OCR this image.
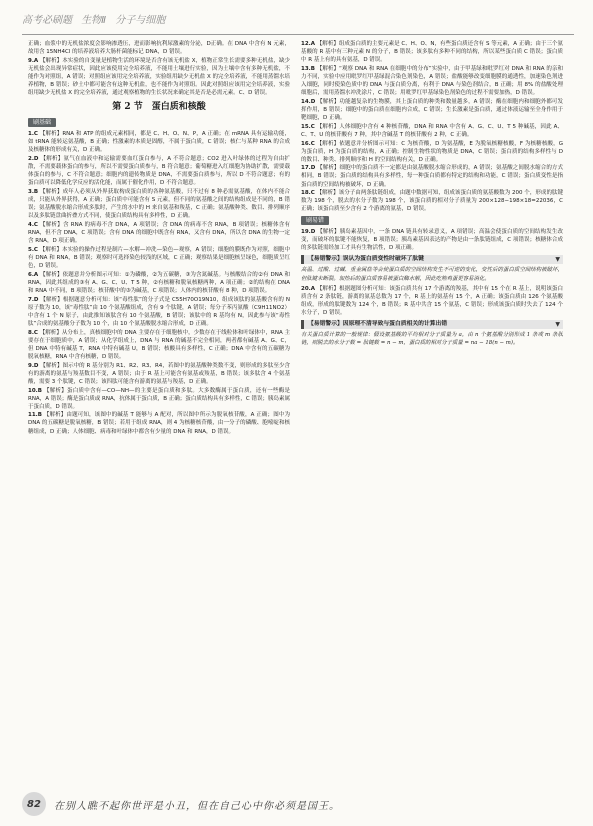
高考必刷题 生物Ⅱ 分子与细胞

正确；血浆中的无机盐浓度会影响渗透压，进而影响抗利尿激素的分泌，D正确。在 DNA 中含有 N 元素，故用含 15NH4Cl 的培养液培养大肠杆菌能标记 DNA，D 错误。

9.A 【解析】本实验的自变量是植物生活的环境是否含有该无机盐 X，植物正常生长需要多种无机盐，缺少无机盐会出现异常症状，因此应该使用完全培养液，不能用土壤进行实验，因为土壤中含有多种无机盐，不能作为对照组，A 错误；对照组应该用完全培养液，实验组用缺少无机盐 X 的完全培养液，不能用蒸馏水培养植物，B 错误；砂土中都可能含有这种无机盐，也不能作为对照组。因此对照组应该用完全培养液，实验组用缺少无机盐 X 的完全培养液，通过观察植物的生长状况来确定其是否是必需元素。C、D 错误。

第 2 节　蛋白质和核酸
刷基础

1.C 【解析】RNA 和 ATP 的组成元素相同，都是 C、H、O、N、P，A 正确；在 mRNA 具有运输功能，如 tRNA 能转运氨基酸，B 正确；性激素的本质是固醇，不属于蛋白质，C 错误；核仁与某种 RNA 的合成及核糖体的形成有关，D 正确。

2.D 【解析】氨气在血液中和运输需要血红蛋白参与，A 不符合题意；CO2 进入叶绿体的过程为自由扩散，不需要载体蛋白的参与，所以不需要蛋白质参与，B 符合题意；葡萄糖进入红细胞为协助扩散，需要载体蛋白的参与，C 不符合题意；细胞内的遗传物质是 DNA，不需要蛋白质参与，所以 D 不符合题意；有的蛋白质可以降低化学反应的活化能，而属于催化作用，D 不符合题意。

3.B 【解析】成年人必须从外界获取构成蛋白质的各种氨基酸，只不过有 8 种必需氨基酸，在体内不能合成，只能从外界获得，A 正确；蛋白质中可能含有 S 元素，但不同的氨基酸之间的结构组成是不同的，B 错误；氨基酸脱水缩合形成多肽时，产生的水中的 H 来自氨基和羧基，C 正确；氨基酸种类、数目、排列顺序以及多肽链盘曲折叠方式不同，使蛋白质结构具有多样性，D 正确。

4.C 【解析】含 RNA 的病毒不含 DNA，A 项错误；含 DNA 的病毒不含 RNA，B 项错误；核糖体含有 RNA，但不含 DNA，C 项错误；含有 DNA 的细胞中既含有 RNA，又含有 DNA，所以含 DNA 的生物一定含 RNA，D 项正确。

5.C 【解析】本实验的操作过程是制片—水解—冲洗—染色—观察，A 错误；细胞的膜既作为对照，细胞中有 DNA 和 RNA，B 错误；观察时可选择染色较浅的区域，C 正确；观察结果是细胞核呈绿色，细胞质呈红色，D 错误。

6.A 【解析】依题意并分析图示可知：①为磷酸，②为五碳糖，③为含氮碱基。与核酸结合的②有 DNA 和 RNA，因此其组成的③有 A、G、C、U、T 5 种，②有核糖和脱氧核糖两种，A 项正确；②的结构在 DNA 和 RNA 中不同，B 项错误；核苷酸中的③为碱基，C 项错误；人体内的核苷酸有 8 种，D 项错误。

7.D 【解析】根据题意分析可知：该“毒性肽”的分子式是 C55H70O19N10，组成该肽的氨基酸含有的 N 原子数为 10，该“毒性肽”由 10 个氨基酸组成，含有 9 个肽键，A 错误；每分子苯丙氨酸（C9H11NO2）中含有 1 个 N 原子，由此推知该肽含有 10 个氨基酸，B 错误；该肽中的 R 基均有 N，因此参与该“毒性肽”合成的氨基酸分子数为 10 个，由 10 个氨基酸脱水缩合形成，D 正确。

8.C 【解析】从分布上，真核细胞中的 DNA 主要存在于细胞核中，少数存在于线粒体和叶绿体中，RNA 主要存在于细胞质中，A 错误；从化学组成上，DNA 与 RNA 的碱基不完全相同，两者都有碱基 A、G、C，但 DNA 中特有碱基 T，RNA 中特有碱基 U，B 错误；核酸具有多样性，C 正确；DNA 中含有的五碳糖为脱氧核糖，RNA 中含有核糖，D 错误。

9.D 【解析】图示中的 R 基分别为 R1、R2、R3、R4，若图中的氨基酸种类数不变，则形成的多肽至少含有的游离的氨基与羧基数目不变，A 错误；由于 R 基上可能含有氨基或羧基，B 错误；该多肽含 4 个氨基酸，需要 3 个肽键，C 错误；该四肽可能含有游离的氨基与羧基，D 正确。

10.B 【解析】蛋白质中含有—CO—NH—的主要是蛋白质和多肽。大多数酶属于蛋白质，还有一些酶是 RNA，A 错误；酶是蛋白质或 RNA，抗体属于蛋白质，B 正确；蛋白质结构具有多样性，C 错误；胰岛素属于蛋白质，D 错误。

11.B 【解析】由题可知，该图中的碱基 T 能够与 A 配对，所以图中所示为脱氧核苷酸，A 正确；图中为 DNA 的五碳糖是脱氧核糖，B 错误；若用于组成 RNA，则 4 为核糖核苷酸，由一分子的磷酸、胞嘧啶和核糖组成，D 正确；人体细胞、病毒和叶绿体中都含有少量的 DNA 和 RNA，D 错误。

12.A 【解析】组成蛋白质的主要元素是 C、H、O、N，有些蛋白质还含有 S 等元素，A 正确；由于三个氨基酸的 R 基中有三种元素 N 的分子，B 错误；该多肽有多种不同的结构，所以某些蛋白质 C 错误；蛋白质中 R 基上有的具有氨基，D 错误。

13.B 【解析】“观察 DNA 和 RNA 在细胞中的分布”实验中，由于甲基绿和吡罗红对 DNA 和 RNA 的亲和力不同，实验中应用吡罗红甲基绿混合染色剂染色，A 错误；盐酸能够改变细胞膜的通透性，加速染色剂进入细胞，同时使染色质中的 DNA 与蛋白质分离，有利于 DNA 与染色剂结合，B 正确；用 8% 的盐酸处理细胞后，需用蒸馏水冲洗涂片，C 错误；用吡罗红甲基绿染色剂染色的过程不需要加热，D 错误。

14.D 【解析】功能越复杂的生物膜，其上蛋白质的种类和数量越多，A 错误；酶在细胞内和细胞外都可发挥作用，B 错误；细胞中的蛋白质在细胞内合成，C 错误；生长激素是蛋白质，通过体液运输至全身作用于靶细胞，D 正确。

15.C 【解析】人体细胞中含有 4 种核苷酸，DNA 和 RNA 中含有 A、G、C、U、T 5 种碱基，因此 A、C、T、U 的核苷酸有 7 种，其中含碱基 T 的核苷酸有 2 种，C 正确。

16.C 【解析】依题意并分析图示可知：C 为核苷酸，D 为氨基酸，E 为脱氧核糖核酸，F 为核糖核酸，G 为蛋白质，H 为蛋白质的结构，A 正确；控制生物性状的物质是 DNA，C 错误；蛋白质的结构多样性与 D 的数目、种类、排列顺序和 H 的空间结构有关，D 正确。

17.D 【解析】细胞中的蛋白质不一定都是由氨基酸脱水缩合形成的，A 错误；氨基酸之间脱水缩合的方式相同，B 错误；蛋白质的结构具有多样性，每一种蛋白质都有特定的结构和功能，C 错误；蛋白质变性是指蛋白质的空间结构被破坏，D 正确。

18.C 【解析】该分子由两条肽链组成，由题中数据可知，组成该蛋白质的氨基酸数为 200 个，形成的肽键数为 198 个，脱去的水分子数为 198 个，该蛋白质的相对分子质量为 200×128−198×18=22036，C 正确；该蛋白质至少含有 2 个游离的氨基，D 错误。

刷易错

19.D 【解析】胰岛素基因中，一条 DNA 链具有转录意义，A 项错误；高温会使蛋白质的空间结构发生改变，而破坏的肽键不能恢复，B 项错误；胰岛素基因表达的产物是由一条肽链组成，C 项错误；核糖体合成的多肽链需经加工才具有生物活性，D 项正确。

【易错警示】误认为蛋白质变性时破坏了肽键	▼
高温、过酸、过碱、重金属盐等会使蛋白质的空间结构发生不可逆的变化，变性后的蛋白质空间结构被破坏，但肽键未断裂。加热后的蛋白质容易被蛋白酶水解，因此吃熟鸡蛋更容易消化。

20.A 【解析】根据题图分析可知：该蛋白质共有 17 个游离的羧基，其中有 15 个在 R 基上，说明该蛋白质含有 2 条肽链，游离的氨基总数为 17 个，R 基上的氨基有 15 个，A 正确；该蛋白质由 126 个氨基酸组成，形成的肽键数为 124 个，B 错误；R 基中共含 15 个氨基，C 错误；形成该蛋白质时失去了 124 个水分子，D 错误。

【易错警示】因原理不清导致与蛋白质相关的计算出错	▼
有关蛋白质计算的一般规律：假设氨基酸的平均相对分子质量为 a，由 n 个氨基酸分别形成 1 条或 m 条肽链，则脱去的水分子数 = 肽键数 = n − m，蛋白质的相对分子质量 = na − 18(n − m)。
82	在别人瞧不起你世评是小丑，但在自己心中你必须是国王。
